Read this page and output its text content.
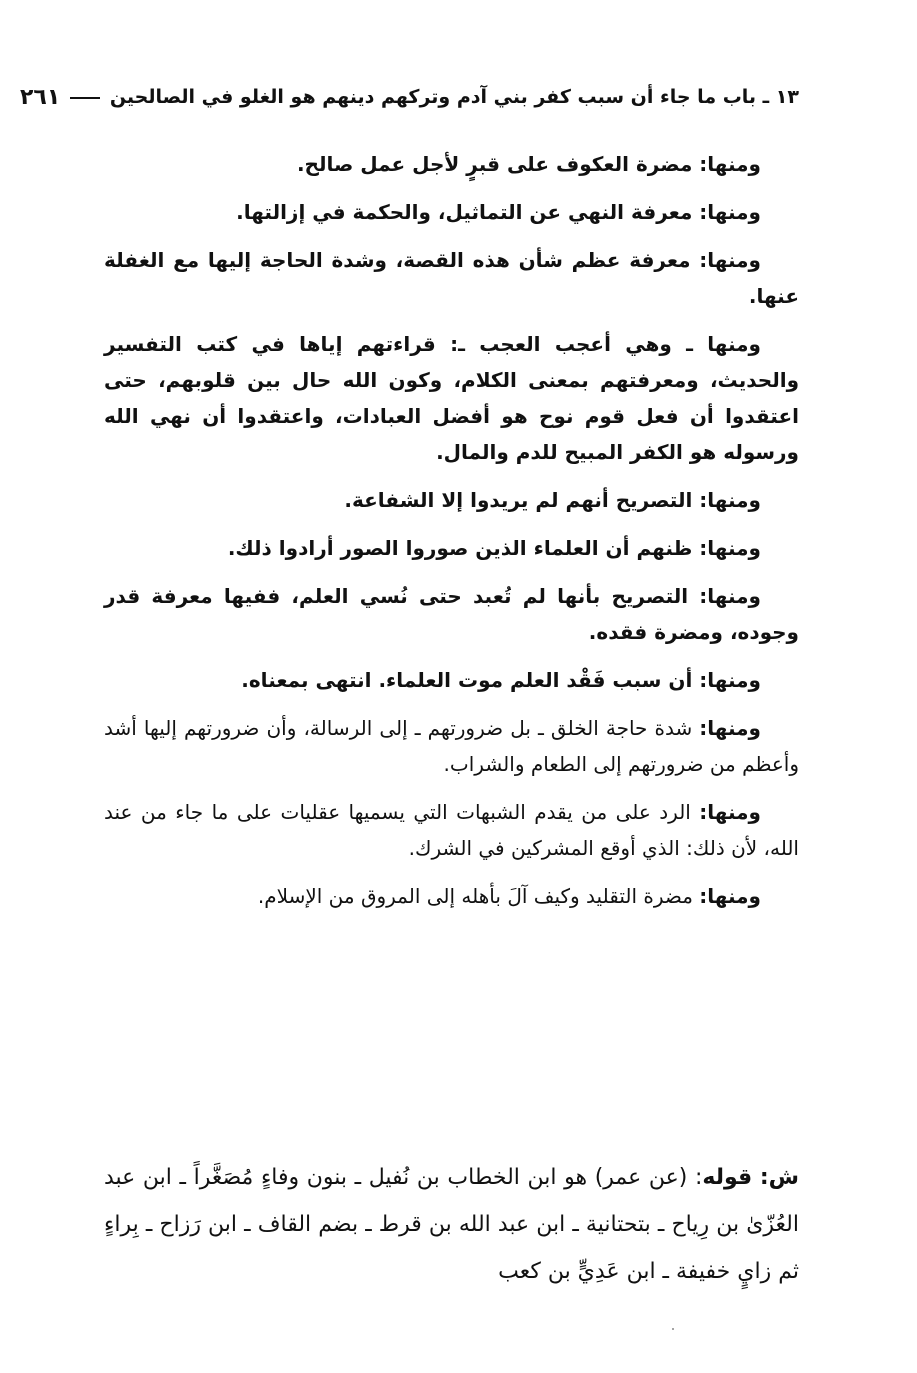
١٣ ـ باب ما جاء أن سبب كفر بني آدم وتركهم دينهم هو الغلو في الصالحين
٢٦١

ومنها: مضرة العكوف على قبرٍ لأجل عمل صالح.

ومنها: معرفة النهي عن التماثيل، والحكمة في إزالتها.

ومنها: معرفة عظم شأن هذه القصة، وشدة الحاجة إليها مع الغفلة عنها.

ومنها ـ وهي أعجب العجب ـ: قراءتهم إياها في كتب التفسير والحديث، ومعرفتهم بمعنى الكلام، وكون الله حال بين قلوبهم، حتى اعتقدوا أن فعل قوم نوح هو أفضل العبادات، واعتقدوا أن نهي الله ورسوله هو الكفر المبيح للدم والمال.

ومنها: التصريح أنهم لم يريدوا إلا الشفاعة.

ومنها: ظنهم أن العلماء الذين صوروا الصور أرادوا ذلك.

ومنها: التصريح بأنها لم تُعبد حتى نُسي العلم، ففيها معرفة قدر وجوده، ومضرة فقده.

ومنها: أن سبب فَقْد العلم موت العلماء. انتهى بمعناه.

ومنها: شدة حاجة الخلق ـ بل ضرورتهم ـ إلى الرسالة، وأن ضرورتهم إليها أشد وأعظم من ضرورتهم إلى الطعام والشراب.

ومنها: الرد على من يقدم الشبهات التي يسميها عقليات على ما جاء من عند الله، لأن ذلك: الذي أوقع المشركين في الشرك.

ومنها: مضرة التقليد وكيف آلَ بأهله إلى المروق من الإسلام.

ش: قوله: (عن عمر) هو ابن الخطاب بن نُفيل ـ بنون وفاءٍ مُصَغَّراً ـ ابن عبد العُزّىٰ بن رِياح ـ بتحتانية ـ ابن عبد الله بن قرط ـ بضم القاف ـ ابن رَزاح ـ بِراءٍ ثم زايٍ خفيفة ـ ابن عَدِيٍّ بن كعب
